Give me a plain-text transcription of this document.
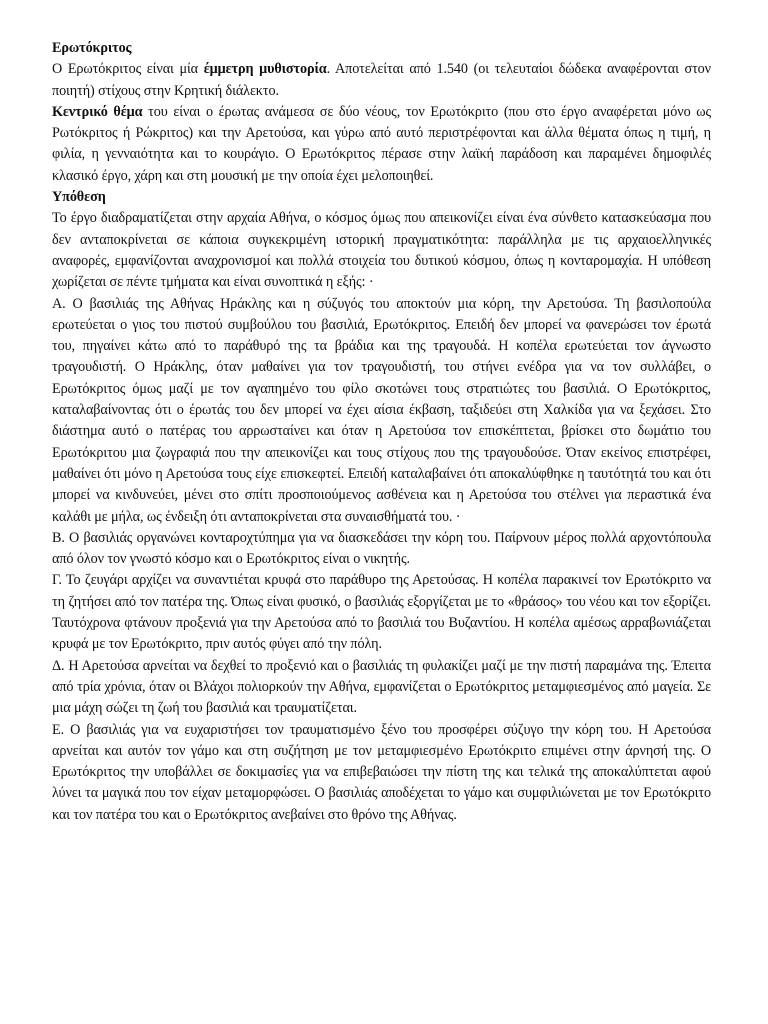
Ερωτόκριτος

Ο Ερωτόκριτος είναι μία έμμετρη μυθιστορία. Αποτελείται από 1.540 (οι τελευταίοι δώδεκα αναφέρονται στον ποιητή) στίχους στην Κρητική διάλεκτο.

Κεντρικό θέμα του είναι ο έρωτας ανάμεσα σε δύο νέους, τον Ερωτόκριτο (που στο έργο αναφέρεται μόνο ως Ρωτόκριτος ή Ρώκριτος) και την Αρετούσα, και γύρω από αυτό περιστρέφονται και άλλα θέματα όπως η τιμή, η φιλία, η γενναιότητα και το κουράγιο. Ο Ερωτόκριτος πέρασε στην λαϊκή παράδοση και παραμένει δημοφιλές κλασικό έργο, χάρη και στη μουσική με την οποία έχει μελοποιηθεί.

Υπόθεση

Το έργο διαδραματίζεται στην αρχαία Αθήνα, ο κόσμος όμως που απεικονίζει είναι ένα σύνθετο κατασκεύασμα που δεν ανταποκρίνεται σε κάποια συγκεκριμένη ιστορική πραγματικότητα: παράλληλα με τις αρχαιοελληνικές αναφορές, εμφανίζονται αναχρονισμοί και πολλά στοιχεία του δυτικού κόσμου, όπως η κονταρομαχία. Η υπόθεση χωρίζεται σε πέντε τμήματα και είναι συνοπτικά η εξής: ·

Α. Ο βασιλιάς της Αθήνας Ηράκλης και η σύζυγός του αποκτούν μια κόρη, την Αρετούσα. Τη βασιλοπούλα ερωτεύεται ο γιος του πιστού συμβούλου του βασιλιά, Ερωτόκριτος. Επειδή δεν μπορεί να φανερώσει τον έρωτά του, πηγαίνει κάτω από το παράθυρό της τα βράδια και της τραγουδά. Η κοπέλα ερωτεύεται τον άγνωστο τραγουδιστή. Ο Ηράκλης, όταν μαθαίνει για τον τραγουδιστή, του στήνει ενέδρα για να τον συλλάβει, ο Ερωτόκριτος όμως μαζί με τον αγαπημένο του φίλο σκοτώνει τους στρατιώτες του βασιλιά. Ο Ερωτόκριτος, καταλαβαίνοντας ότι ο έρωτάς του δεν μπορεί να έχει αίσια έκβαση, ταξιδεύει στη Χαλκίδα για να ξεχάσει. Στο διάστημα αυτό ο πατέρας του αρρωσταίνει και όταν η Αρετούσα τον επισκέπτεται, βρίσκει στο δωμάτιο του Ερωτόκριτου μια ζωγραφιά που την απεικονίζει και τους στίχους που της τραγουδούσε. Όταν εκείνος επιστρέφει, μαθαίνει ότι μόνο η Αρετούσα τους είχε επισκεφτεί. Επειδή καταλαβαίνει ότι αποκαλύφθηκε η ταυτότητά του και ότι μπορεί να κινδυνεύει, μένει στο σπίτι προσποιούμενος ασθένεια και η Αρετούσα του στέλνει για περαστικά ένα καλάθι με μήλα, ως ένδειξη ότι ανταποκρίνεται στα συναισθήματά του. ·

Β. Ο βασιλιάς οργανώνει κονταροχτύπημα για να διασκεδάσει την κόρη του. Παίρνουν μέρος πολλά αρχοντόπουλα από όλον τον γνωστό κόσμο και ο Ερωτόκριτος είναι ο νικητής.

Γ. Το ζευγάρι αρχίζει να συναντιέται κρυφά στο παράθυρο της Αρετούσας. Η κοπέλα παρακινεί τον Ερωτόκριτο να τη ζητήσει από τον πατέρα της. Όπως είναι φυσικό, ο βασιλιάς εξοργίζεται με το «θράσος» του νέου και τον εξορίζει. Ταυτόχρονα φτάνουν προξενιά για την Αρετούσα από το βασιλιά του Βυζαντίου. Η κοπέλα αμέσως αρραβωνιάζεται κρυφά με τον Ερωτόκριτο, πριν αυτός φύγει από την πόλη.

Δ. Η Αρετούσα αρνείται να δεχθεί το προξενιό και ο βασιλιάς τη φυλακίζει μαζί με την πιστή παραμάνα της. Έπειτα από τρία χρόνια, όταν οι Βλάχοι πολιορκούν την Αθήνα, εμφανίζεται ο Ερωτόκριτος μεταμφιεσμένος από μαγεία. Σε μια μάχη σώζει τη ζωή του βασιλιά και τραυματίζεται.

Ε. Ο βασιλιάς για να ευχαριστήσει τον τραυματισμένο ξένο του προσφέρει σύζυγο την κόρη του. Η Αρετούσα αρνείται και αυτόν τον γάμο και στη συζήτηση με τον μεταμφιεσμένο Ερωτόκριτο επιμένει στην άρνησή της. Ο Ερωτόκριτος την υποβάλλει σε δοκιμασίες για να επιβεβαιώσει την πίστη της και τελικά της αποκαλύπτεται αφού λύνει τα μαγικά που τον είχαν μεταμορφώσει. Ο βασιλιάς αποδέχεται το γάμο και συμφιλιώνεται με τον Ερωτόκριτο και τον πατέρα του και ο Ερωτόκριτος ανεβαίνει στο θρόνο της Αθήνας.
